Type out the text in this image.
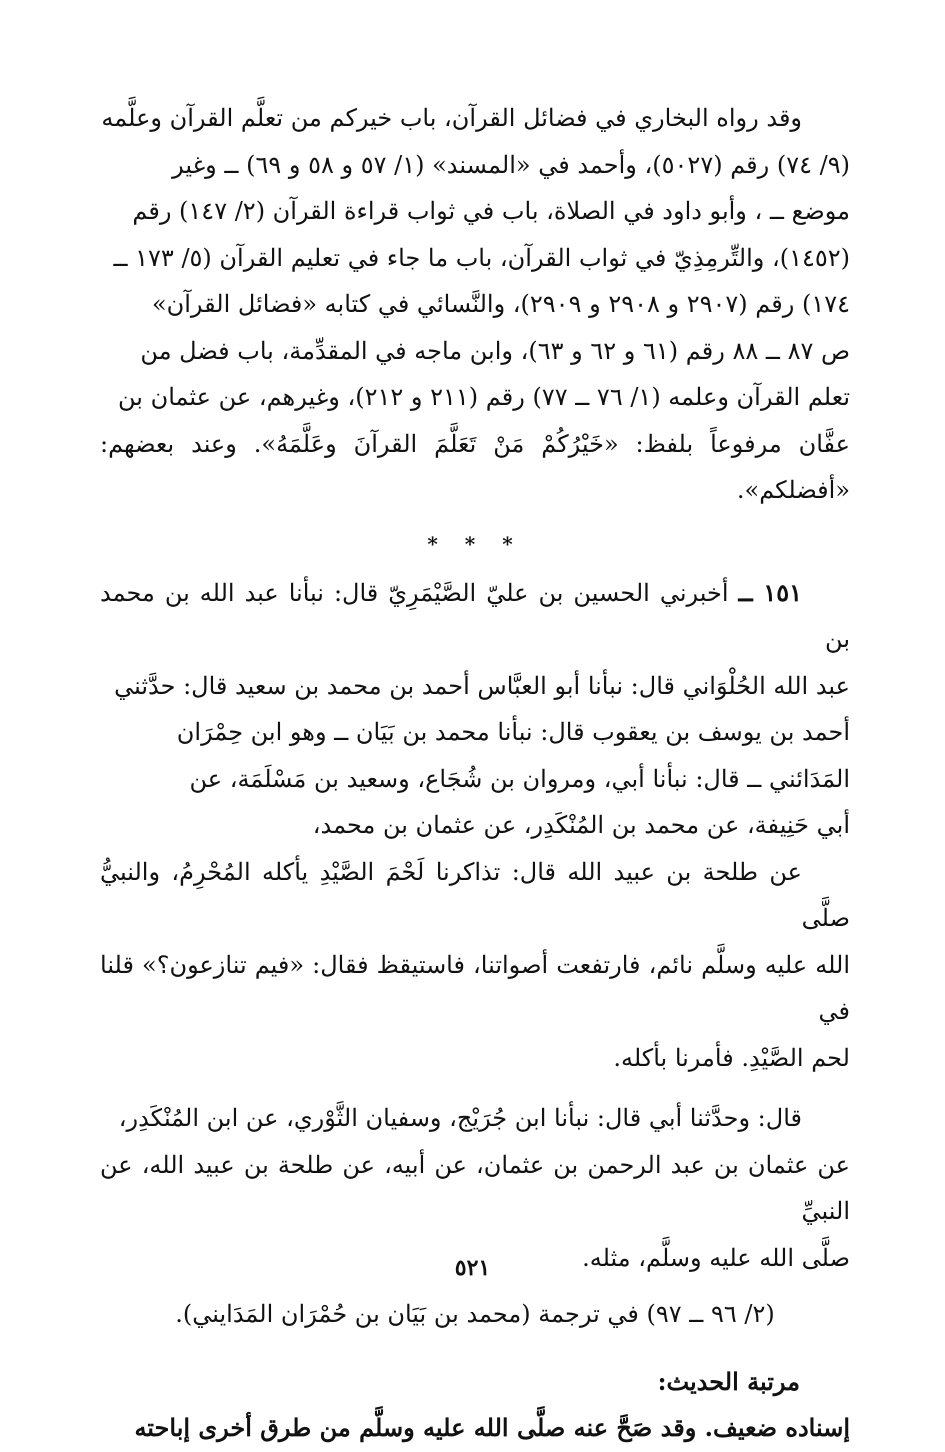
وقد رواه البخاري في فضائل القرآن، باب خيركم من تعلَّم القرآن وعلَّمه

(٩/ ٧٤) رقم (٥٠٢٧)، وأحمد في «المسند» (١/ ٥٧ و ٥٨ و ٦٩) ــ وغير

موضع ــ ، وأبو داود في الصلاة، باب في ثواب قراءة القرآن (٢/ ١٤٧) رقم

(١٤٥٢)، والتِّرمِذِيّ في ثواب القرآن، باب ما جاء في تعليم القرآن (٥/ ١٧٣ ــ

١٧٤) رقم (٢٩٠٧ و ٢٩٠٨ و ٢٩٠٩)، والنَّسائي في كتابه «فضائل القرآن»

ص ٨٧ ــ ٨٨ رقم (٦١ و ٦٢ و ٦٣)، وابن ماجه في المقدِّمة، باب فضل من

تعلم القرآن وعلمه (١/ ٧٦ ــ ٧٧) رقم (٢١١ و ٢١٢)، وغيرهم، عن عثمان بن

عفَّان مرفوعاً بلفظ: «خَيْرُكُمْ مَنْ تَعَلَّمَ القرآنَ وعَلَّمَهُ». وعند بعضهم: «أفضلكم».

* * *

١٥١ ــ أخبرني الحسين بن عليّ الصَّيْمَرِيّ قال: نبأنا عبد الله بن محمد بن

عبد الله الحُلْوَاني قال: نبأنا أبو العبَّاس أحمد بن محمد بن سعيد قال: حدَّثني

أحمد بن يوسف بن يعقوب قال: نبأنا محمد بن بَيَان ــ وهو ابن حِمْرَان

المَدَائني ــ قال: نبأنا أبي، ومروان بن شُجَاع، وسعيد بن مَسْلَمَة، عن

أبي حَنِيفة، عن محمد بن المُنْكَدِر، عن عثمان بن محمد،

عن طلحة بن عبيد الله قال: تذاكرنا لَحْمَ الصَّيْدِ يأكله المُحْرِمُ، والنبيُّ صلَّى

الله عليه وسلَّم نائم، فارتفعت أصواتنا، فاستيقظ فقال: «فيم تنازعون؟» قلنا في

لحم الصَّيْدِ. فأمرنا بأكله.

قال: وحدَّثنا أبي قال: نبأنا ابن جُرَيْج، وسفيان الثَّوْري، عن ابن المُنْكَدِر،

عن عثمان بن عبد الرحمن بن عثمان، عن أبيه، عن طلحة بن عبيد الله، عن النبيِّ

صلَّى الله عليه وسلَّم، مثله.

(٢/ ٩٦ ــ ٩٧) في ترجمة (محمد بن بَيَان بن حُمْرَان المَدَايني).

مرتبة الحديث:

إسناده ضعيف. وقد صَحَّ عنه صلَّى الله عليه وسلَّم من طرق أخرى إباحته

٥٢١
